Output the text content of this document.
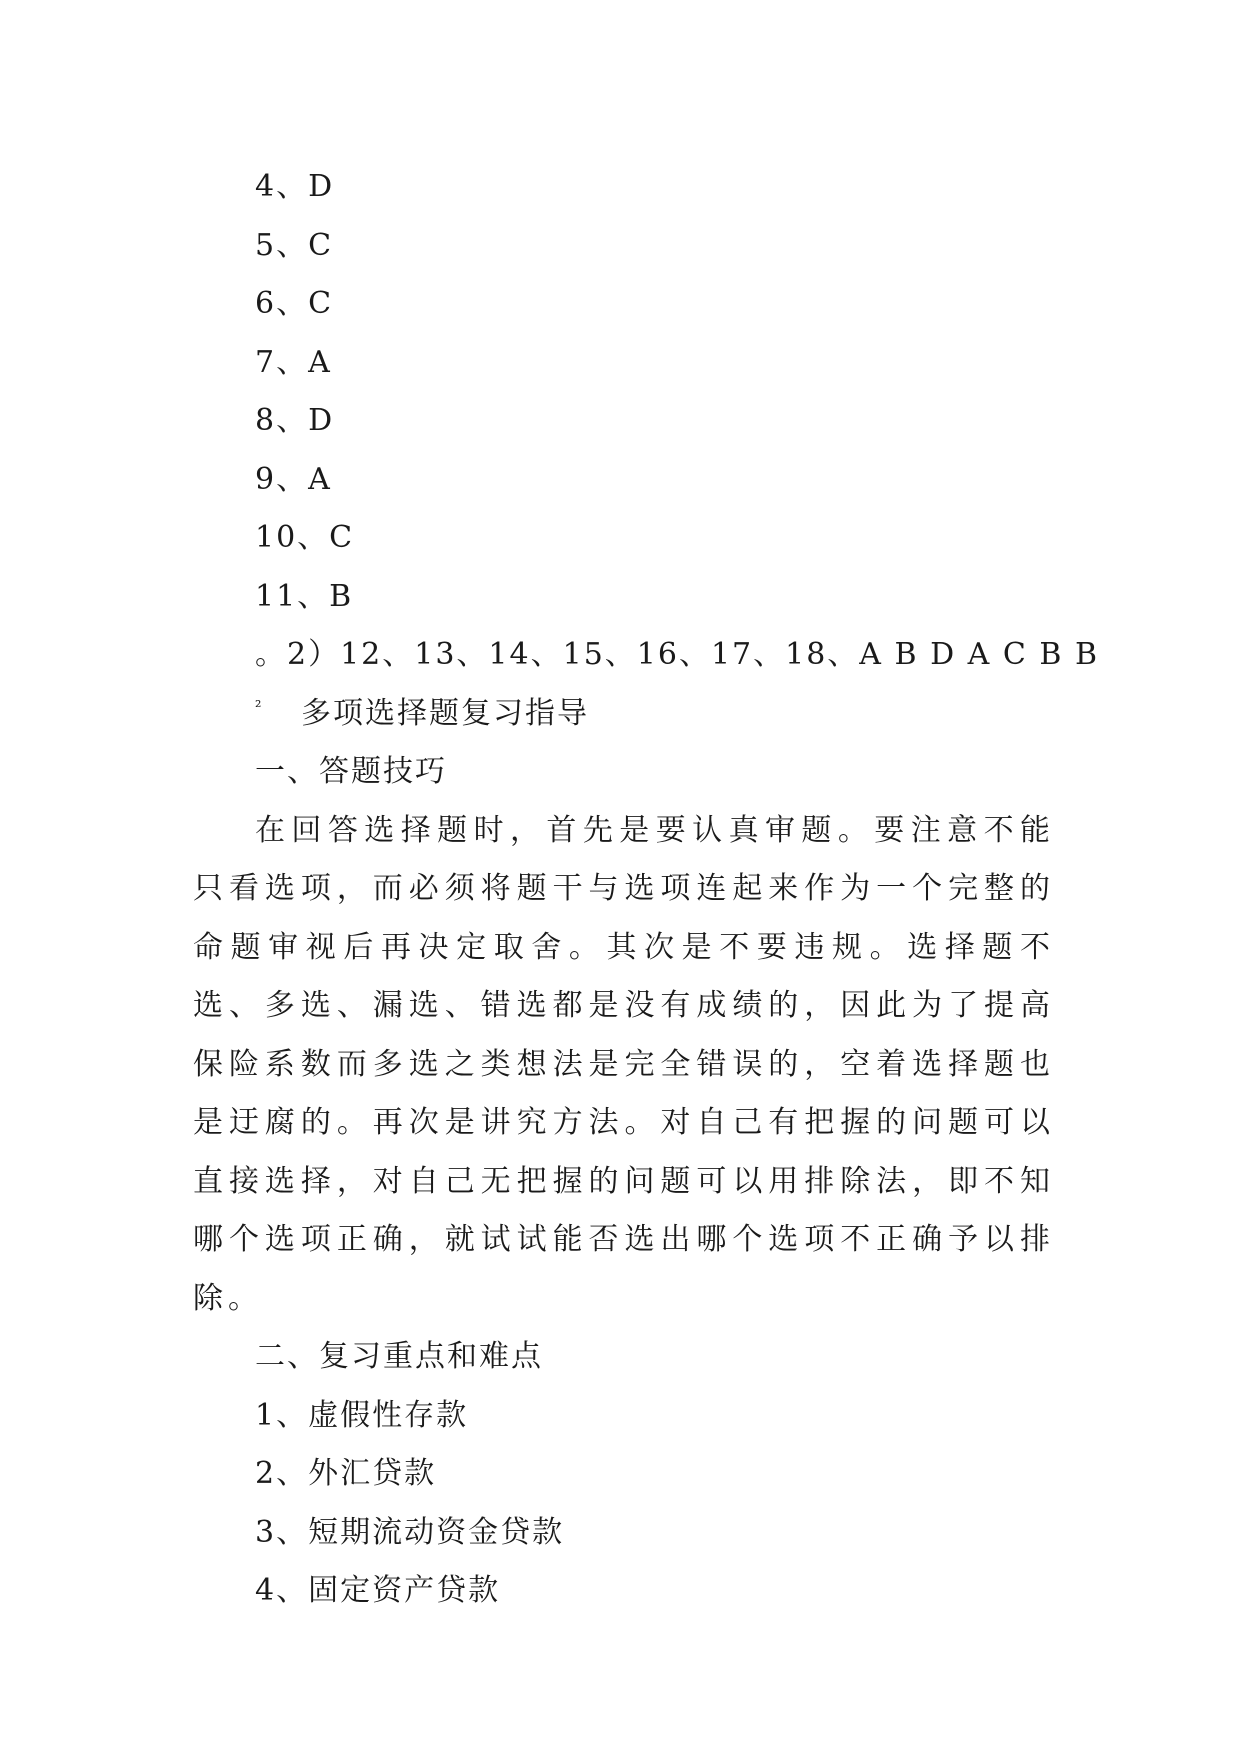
4、D
5、C
6、C
7、A
8、D
9、A
10、C
11、B
。2）12、13、14、15、16、17、18、A B D A C B B
² 多项选择题复习指导
一、答题技巧
在回答选择题时，首先是要认真审题。要注意不能只看选项，而必须将题干与选项连起来作为一个完整的命题审视后再决定取舍。其次是不要违规。选择题不选、多选、漏选、错选都是没有成绩的，因此为了提高保险系数而多选之类想法是完全错误的，空着选择题也是迂腐的。再次是讲究方法。对自己有把握的问题可以直接选择，对自己无把握的问题可以用排除法，即不知哪个选项正确，就试试能否选出哪个选项不正确予以排除。
二、复习重点和难点
1、虚假性存款
2、外汇贷款
3、短期流动资金贷款
4、固定资产贷款
